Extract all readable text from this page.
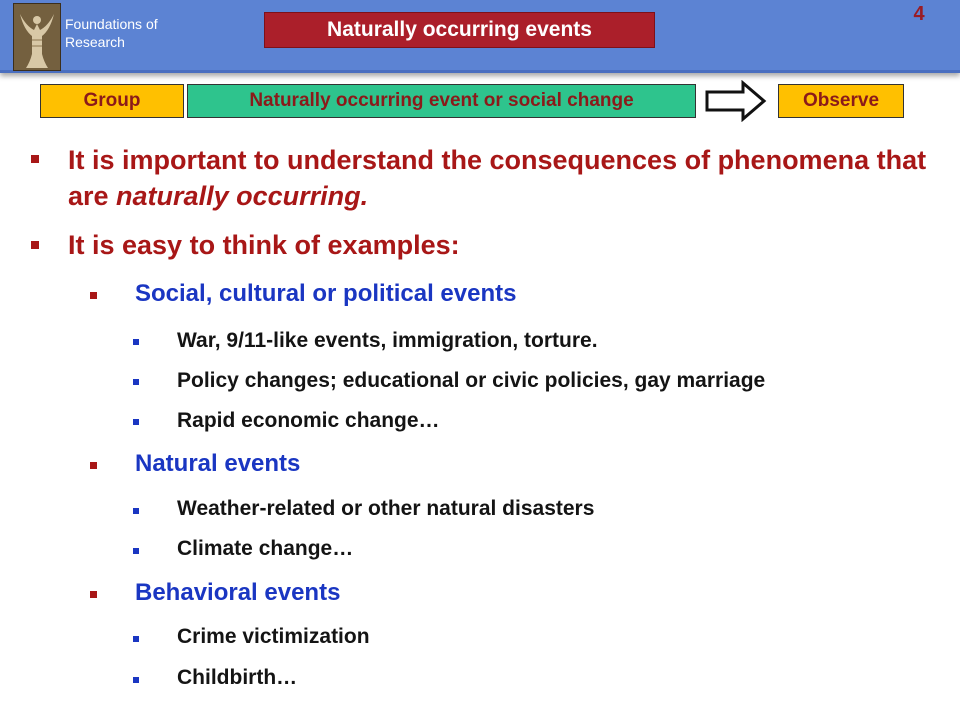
Foundations of
Research
Naturally occurring events
4
Group	Naturally occurring event or social change	Observe
It is important to understand the consequences of phenomena that are naturally occurring.
It is easy to think of examples:
Social, cultural or political events
War, 9/11-like events, immigration, torture.
Policy changes; educational or civic policies, gay marriage
Rapid economic change…
Natural events
Weather-related or other natural disasters
Climate change…
Behavioral events
Crime victimization
Childbirth…
